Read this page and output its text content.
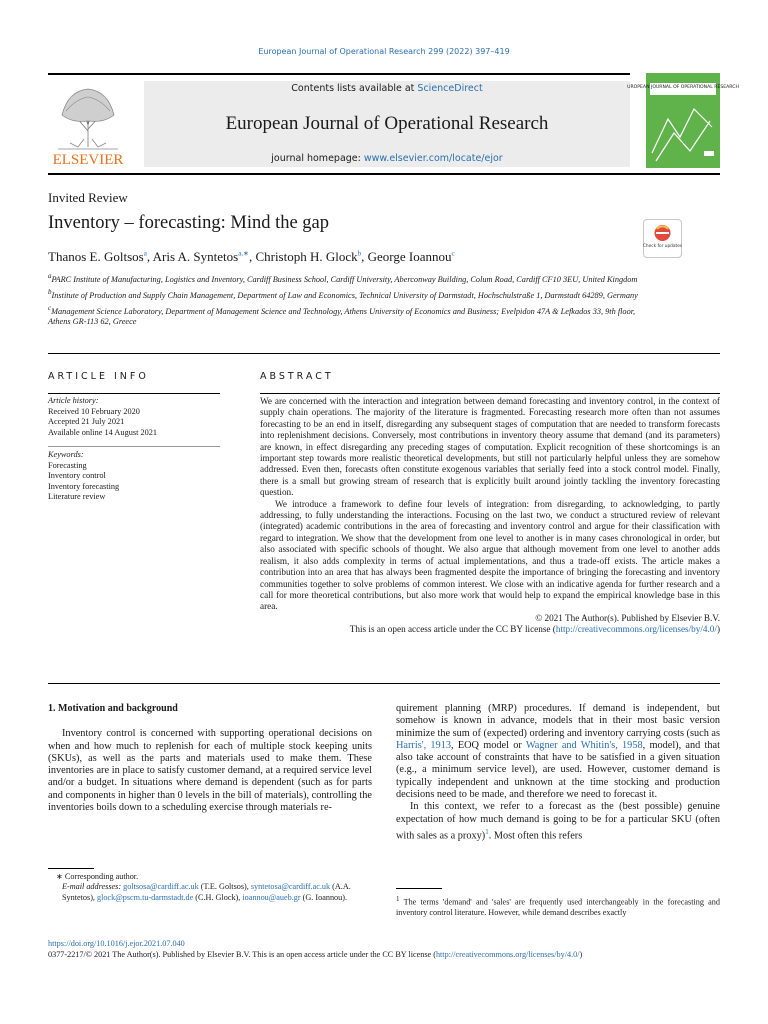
European Journal of Operational Research 299 (2022) 397–419
ELSEVIER
Contents lists available at ScienceDirect
European Journal of Operational Research
journal homepage: www.elsevier.com/locate/ejor
UROPEAN JOURNAL OF OPERATIONAL RESEARCH
Invited Review
Inventory – forecasting: Mind the gap
Check for updates
Thanos E. Goltsos$^a$, Aris A. Syntetos$^{a,∗}$, Christoph H. Glock$^b$, George Ioannou$^c$

$^a$PARC Institute of Manufacturing, Logistics and Inventory, Cardiff Business School, Cardiff University, Aberconway Building, Colum Road, Cardiff CF10 3EU, United Kingdom

$^b$Institute of Production and Supply Chain Management, Department of Law and Economics, Technical University of Darmstadt, Hochschulstraße 1, Darmstadt 64289, Germany

$^c$Management Science Laboratory, Department of Management Science and Technology, Athens University of Economics and Business; Evelpidon 47A & Lefkados 33, 9th floor, Athens GR-113 62, Greece

ARTICLE INFO	ABSTRACT
Article history:
Received 10 February 2020
Accepted 21 July 2021
Available online 14 August 2021
Keywords:
Forecasting
Inventory control
Inventory forecasting
Literature review

We are concerned with the interaction and integration between demand forecasting and inventory control, in the context of supply chain operations. The majority of the literature is fragmented. Forecasting research more often than not assumes forecasting to be an end in itself, disregarding any subsequent stages of computation that are needed to transform forecasts into replenishment decisions. Conversely, most contributions in inventory theory assume that demand (and its parameters) are known, in effect disregarding any preceding stages of computation. Explicit recognition of these shortcomings is an important step towards more realistic theoretical developments, but still not particularly helpful unless they are somehow addressed. Even then, forecasts often constitute exogenous variables that serially feed into a stock control model. Finally, there is a small but growing stream of research that is explicitly built around jointly tackling the inventory forecasting question.

We introduce a framework to define four levels of integration: from disregarding, to acknowledging, to partly addressing, to fully understanding the interactions. Focusing on the last two, we conduct a structured review of relevant (integrated) academic contributions in the area of forecasting and inventory control and argue for their classification with regard to integration. We show that the development from one level to another is in many cases chronological in order, but also associated with specific schools of thought. We also argue that although movement from one level to another adds realism, it also adds complexity in terms of actual implementations, and thus a trade-off exists. The article makes a contribution into an area that has always been fragmented despite the importance of bringing the forecasting and inventory communities together to solve problems of common interest. We close with an indicative agenda for further research and a call for more theoretical contributions, but also more work that would help to expand the empirical knowledge base in this area.

© 2021 The Author(s). Published by Elsevier B.V.

This is an open access article under the CC BY license (http://creativecommons.org/licenses/by/4.0/)

1. Motivation and background

Inventory control is concerned with supporting operational decisions on when and how much to replenish for each of multiple stock keeping units (SKUs), as well as the parts and materials used to make them. These inventories are in place to satisfy customer demand, at a required service level and/or a budget. In situations where demand is dependent (such as for parts and components in higher than 0 levels in the bill of materials), controlling the inventories boils down to a scheduling exercise through materials re-

quirement planning (MRP) procedures. If demand is independent, but somehow is known in advance, models that in their most basic version minimize the sum of (expected) ordering and inventory carrying costs (such as Harris', 1913, EOQ model or Wagner and Whitin's, 1958, model), and that also take account of constraints that have to be satisfied in a given situation (e.g., a minimum service level), are used. However, customer demand is typically independent and unknown at the time stocking and production decisions need to be made, and therefore we need to forecast it.

In this context, we refer to a forecast as the (best possible) genuine expectation of how much demand is going to be for a particular SKU (often with sales as a proxy)$^1$. Most often this refers

∗ Corresponding author.
E-mail addresses: goltsosa@cardiff.ac.uk (T.E. Goltsos), syntetosa@cardiff.ac.uk (A.A. Syntetos), glock@pscm.tu-darmstadt.de (C.H. Glock), ioannou@aueb.gr (G. Ioannou).	$^1$ The terms 'demand' and 'sales' are frequently used interchangeably in the forecasting and inventory control literature. However, while demand describes exactly
https://doi.org/10.1016/j.ejor.2021.07.040
0377-2217/© 2021 The Author(s). Published by Elsevier B.V. This is an open access article under the CC BY license (http://creativecommons.org/licenses/by/4.0/)
